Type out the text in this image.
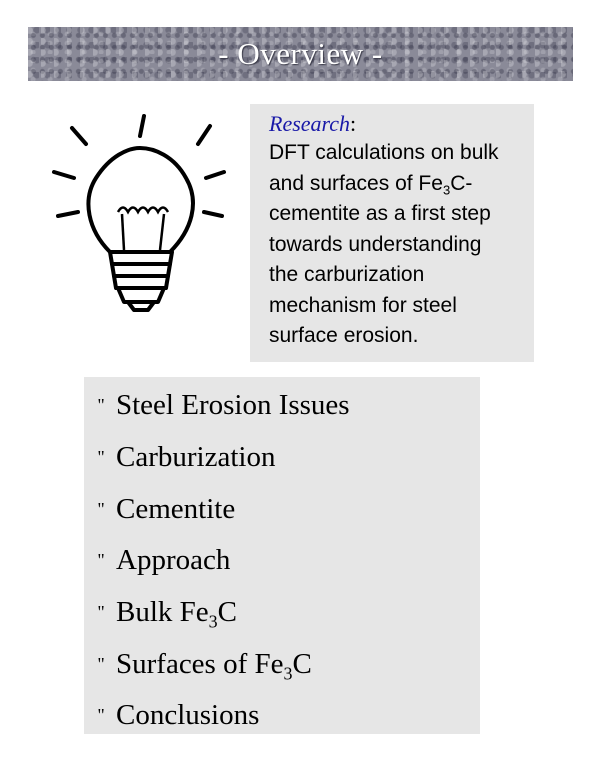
- Overview -
Research:
DFT calculations on bulk
and surfaces of $Fe_3C-$
cementite as a first step
towards understanding
the carburization
mechanism for steel
surface erosion.
" Steel Erosion Issues
" Carburization
" Cementite
" Approach
" Bulk $Fe_3C$
" Surfaces of $Fe_3C$
" Conclusions
